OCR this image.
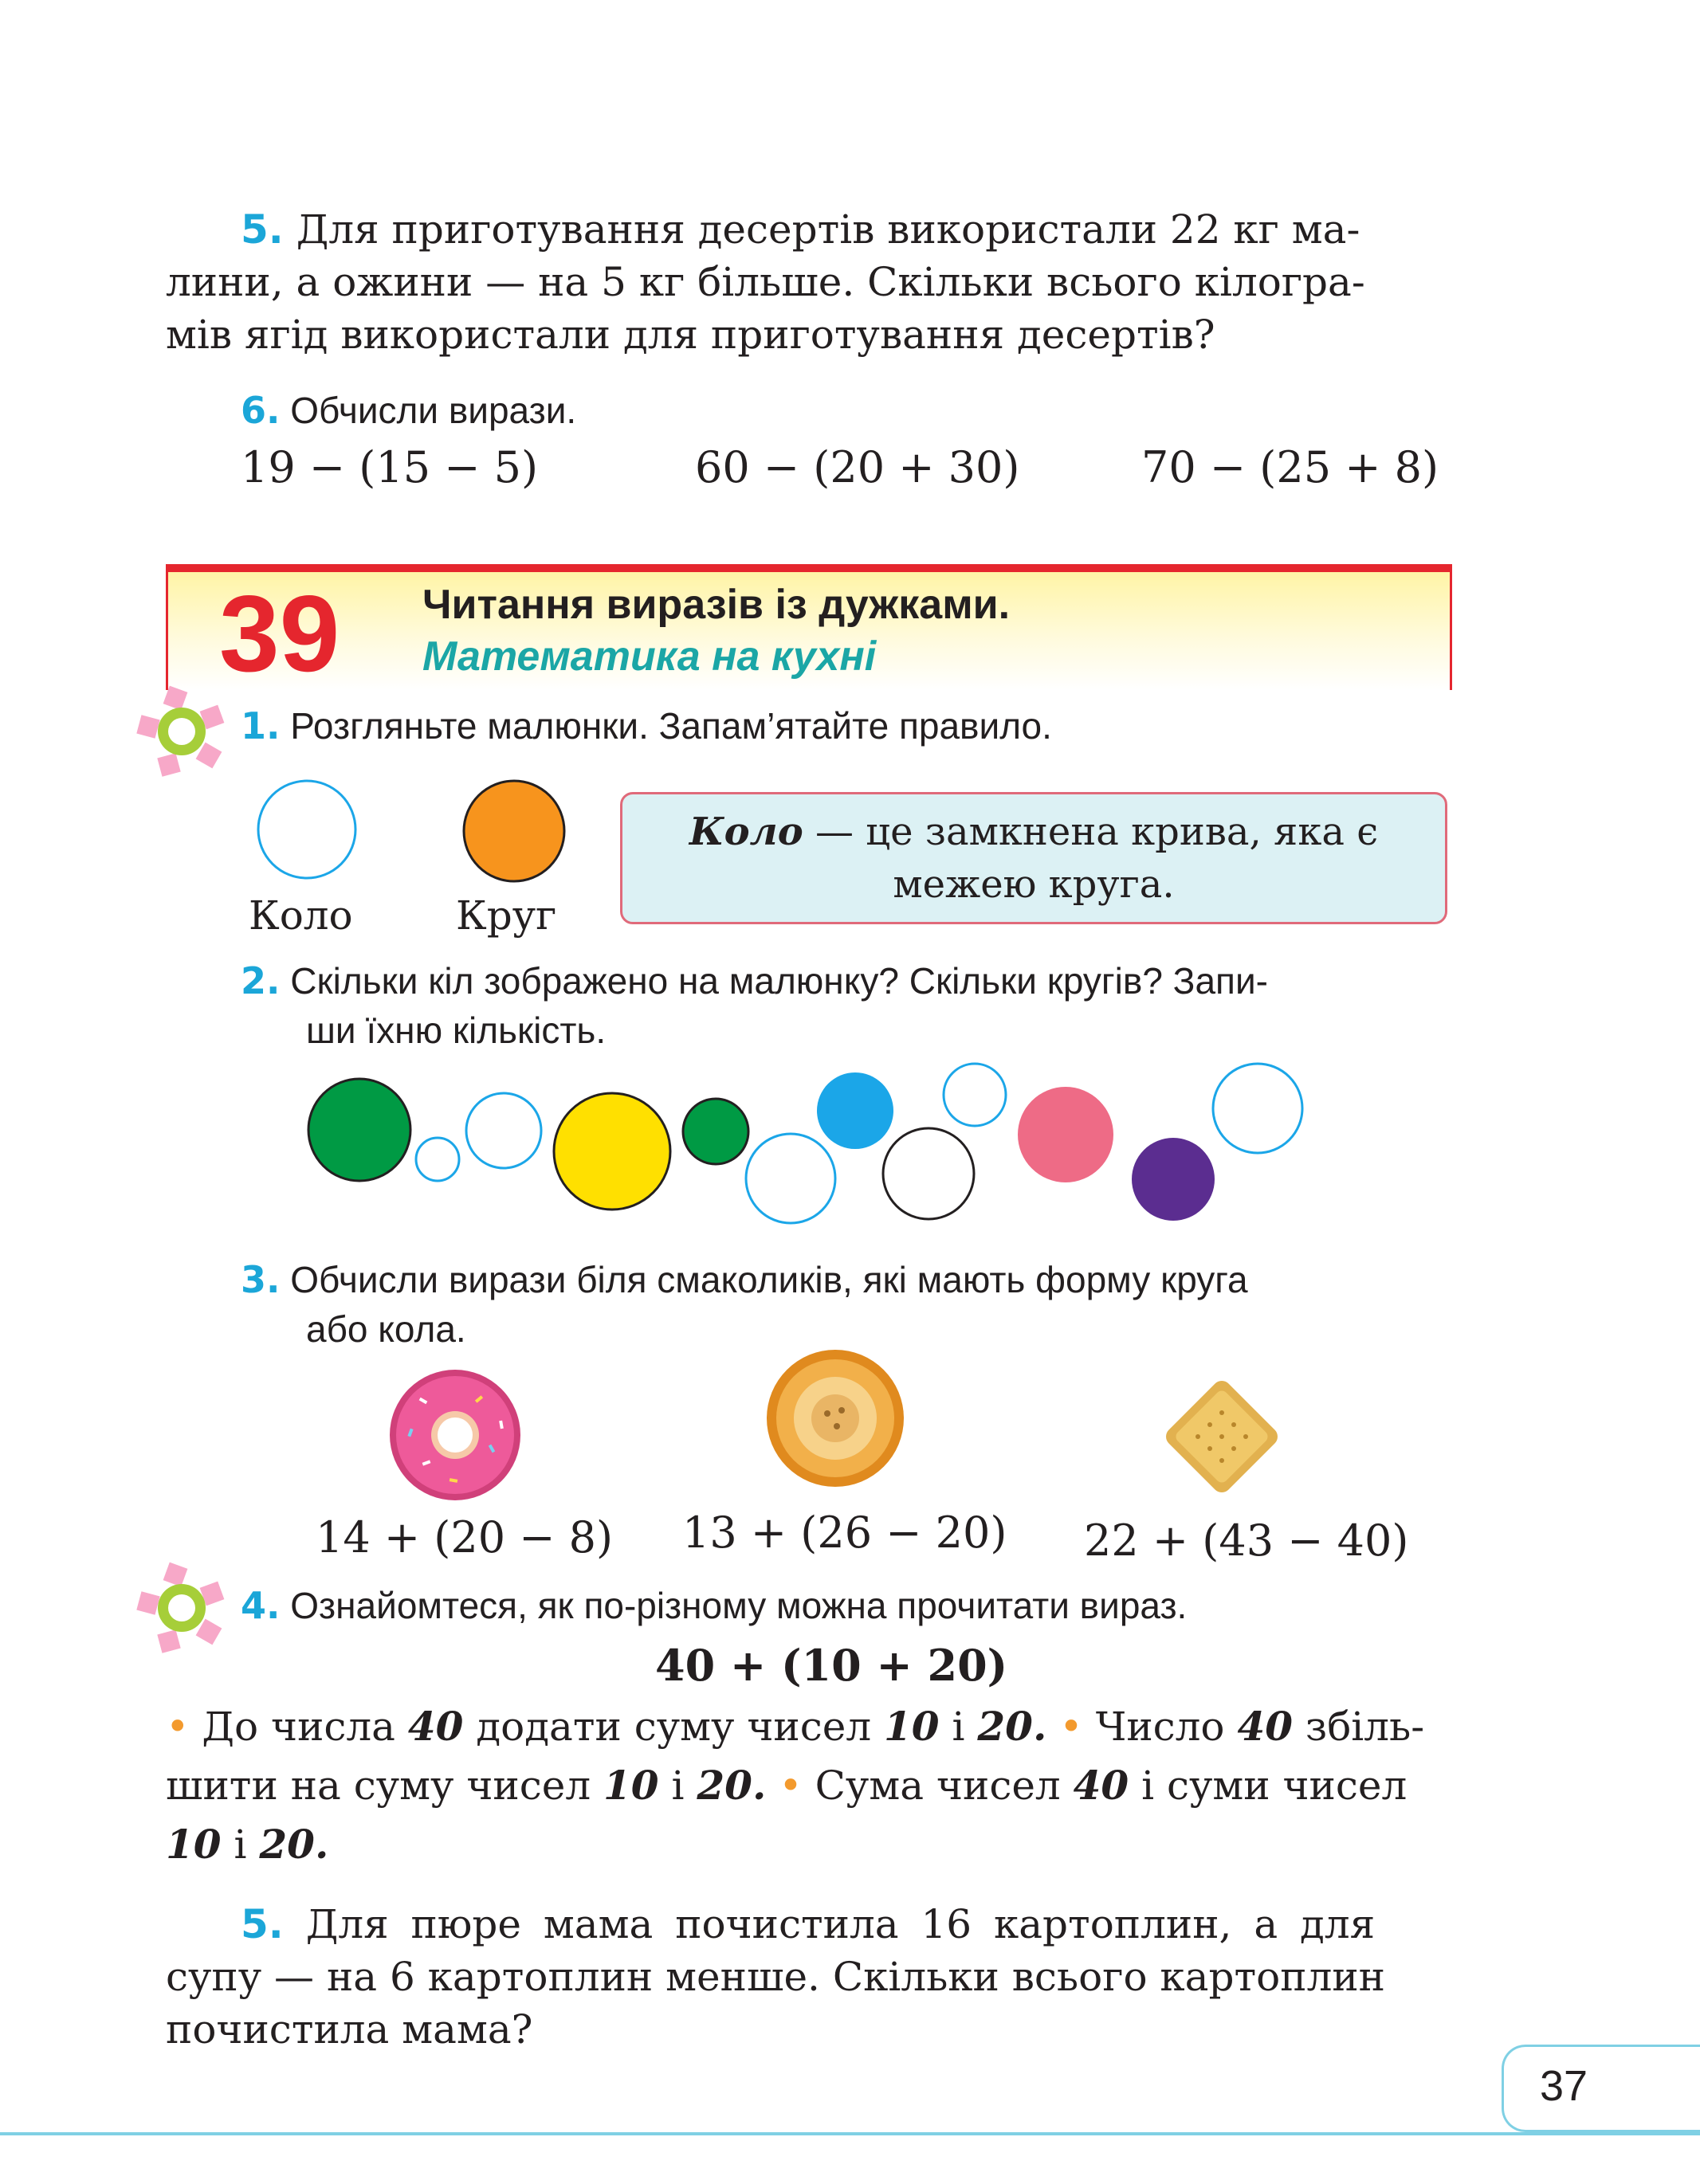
5. Для приготування десертів використали 22 кг ма-
лини, а ожини — на 5 кг більше. Скільки всього кілогра-
мів ягід використали для приготування десертів?
6. Обчисли вирази.
19 − (15 − 5)	60 − (20 + 30)	70 − (25 + 8)
39 Читання виразів із дужками.
Математика на кухні
1. Розгляньте малюнки. Запам’ятайте правило.
Коло	Круг
Коло — це замкнена крива, яка є
межею круга.
2. Скільки кіл зображено на малюнку? Скільки кругів? Запи-
ши їхню кількість.
3. Обчисли вирази біля смаколиків, які мають форму круга
або кола.
14 + (20 − 8) 13 + (26 − 20) 22 + (43 − 40)
4. Ознайомтеся, як по-різному можна прочитати вираз.
40 + (10 + 20)
• До числа 40 додати суму чисел 10 і 20. • Число 40 збіль-
шити на суму чисел 10 і 20. • Сума чисел 40 і суми чисел
10 і 20.
5. Для пюре мама почистила 16 картоплин, а для
супу — на 6 картоплин менше. Скільки всього картоплин
почистила мама?
37
